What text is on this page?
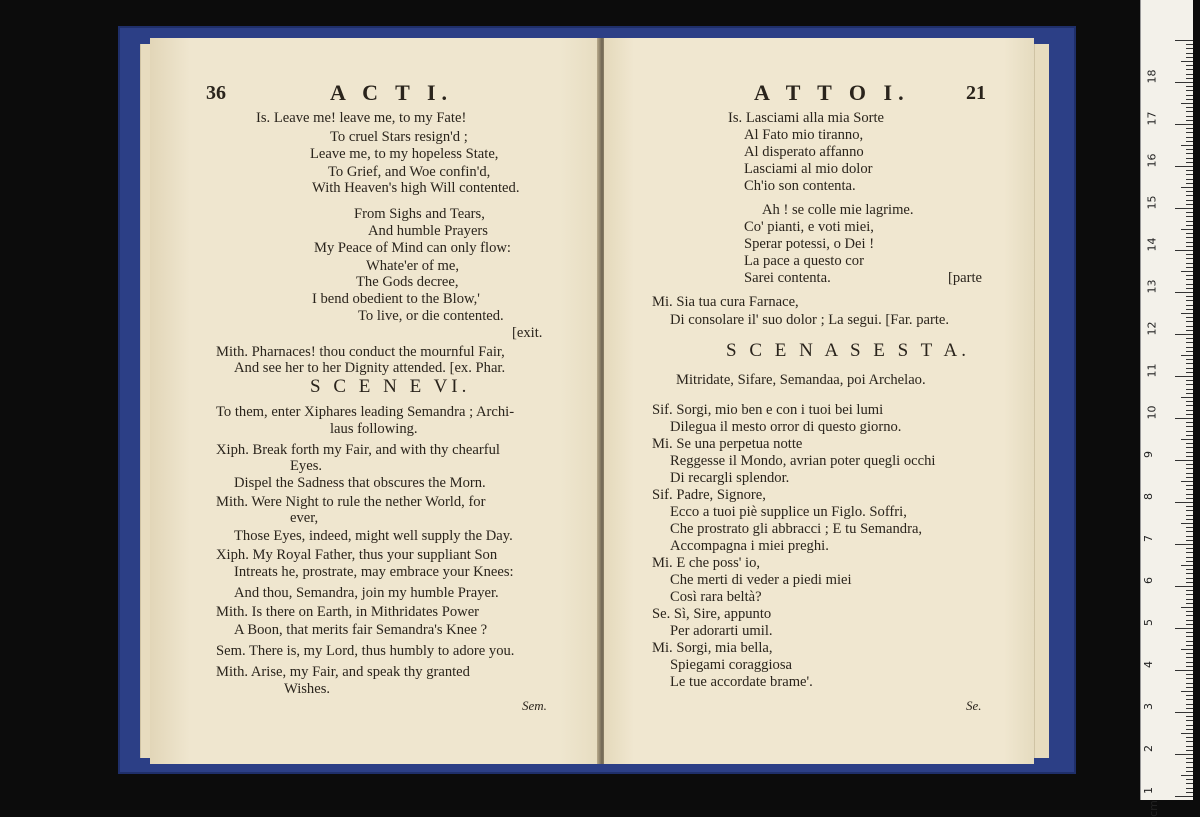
36	A C T I.
Is. Leave me! leave me, to my Fate!
To cruel Stars resign'd ;
Leave me, to my hopeless State,
To Grief, and Woe confin'd,
With Heaven's high Will contented.
From Sighs and Tears,
And humble Prayers
My Peace of Mind can only flow:
Whate'er of me,
The Gods decree,
I bend obedient to the Blow,'
To live, or die contented.
[exit.
Mith. Pharnaces! thou conduct the mournful Fair,
And see her to her Dignity attended. [ex. Phar.
To them, enter Xiphares leading Semandra ; Archi-
laus following.
Xiph. Break forth my Fair, and with thy chearful
Eyes.
Dispel the Sadness that obscures the Morn.
Mith. Were Night to rule the nether World, for
ever,
Those Eyes, indeed, might well supply the Day.
Xiph. My Royal Father, thus your suppliant Son
Intreats he, prostrate, may embrace your Knees:
And thou, Semandra, join my humble Prayer.
Mith. Is there on Earth, in Mithridates Power
A Boon, that merits fair Semandra's Knee ?
Sem. There is, my Lord, thus humbly to adore you.
Mith. Arise, my Fair, and speak thy granted
Wishes.
S C E N E VI.
Sem.
A T T O I.	21
Is. Lasciami alla mia Sorte
Al Fato mio tiranno,
Al disperato affanno
Lasciami al mio dolor
Ch'io son contenta.
Ah ! se colle mie lagrime.
Co' pianti, e voti miei,
Sperar potessi, o Dei !
La pace a questo cor
Sarei contenta.	[parte
Mi. Sia tua cura Farnace,
Di consolare il' suo dolor ; La segui. [Far. parte.
Mitridate, Sifare, Semandaa, poi Archelao.
Sif. Sorgi, mio ben e con i tuoi bei lumi
Dilegua il mesto orror di questo giorno.
Mi. Se una perpetua notte
Reggesse il Mondo, avrian poter quegli occhi
Di recargli splendor.
Sif. Padre, Signore,
Ecco a tuoi piè supplice un Figlo. Soffri,
Che prostrato gli abbracci ; E tu Semandra,
Accompagna i miei preghi.
Mi. E che poss' io,
Che merti di veder a piedi miei
Così rara beltà?
Se. Sì, Sire, appunto
Per adorarti umil.
Mi. Sorgi, mia bella,
Spiegami coraggiosa
Le tue accordate brame'.
S C E N A S E S T A.
Se.
18
17
16
15
14
13
12
11
10
9
8
7
6
5
4
3
2
1
cm
